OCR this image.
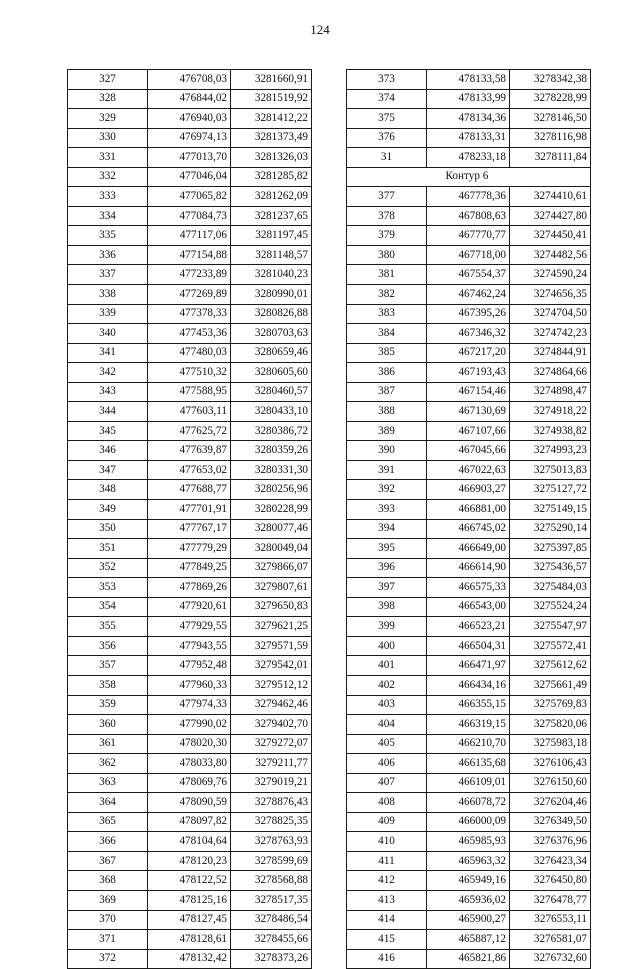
124
327	476708,03	3281660,91
328	476844,02	3281519,92
329	476940,03	3281412,22
330	476974,13	3281373,49
331	477013,70	3281326,03
332	477046,04	3281285,82
333	477065,82	3281262,09
334	477084,73	3281237,65
335	477117,06	3281197,45
336	477154,88	3281148,57
337	477233,89	3281040,23
338	477269,89	3280990,01
339	477378,33	3280826,88
340	477453,36	3280703,63
341	477480,03	3280659,46
342	477510,32	3280605,60
343	477588,95	3280460,57
344	477603,11	3280433,10
345	477625,72	3280386,72
346	477639,87	3280359,26
347	477653,02	3280331,30
348	477688,77	3280256,96
349	477701,91	3280228,99
350	477767,17	3280077,46
351	477779,29	3280049,04
352	477849,25	3279866,07
353	477869,26	3279807,61
354	477920,61	3279650,83
355	477929,55	3279621,25
356	477943,55	3279571,59
357	477952,48	3279542,01
358	477960,33	3279512,12
359	477974,33	3279462,46
360	477990,02	3279402,70
361	478020,30	3279272,07
362	478033,80	3279211,77
363	478069,76	3279019,21
364	478090,59	3278876,43
365	478097,82	3278825,35
366	478104,64	3278763,93
367	478120,23	3278599,69
368	478122,52	3278568,88
369	478125,16	3278517,35
370	478127,45	3278486,54
371	478128,61	3278455,66
372	478132,42	3278373,26
373	478133,58	3278342,38
374	478133,99	3278228,99
375	478134,36	3278146,50
376	478133,31	3278116,98
31	478233,18	3278111,84
	Контур 6	
377	467778,36	3274410,61
378	467808,63	3274427,80
379	467770,77	3274450,41
380	467718,00	3274482,56
381	467554,37	3274590,24
382	467462,24	3274656,35
383	467395,26	3274704,50
384	467346,32	3274742,23
385	467217,20	3274844,91
386	467193,43	3274864,66
387	467154,46	3274898,47
388	467130,69	3274918,22
389	467107,66	3274938,82
390	467045,66	3274993,23
391	467022,63	3275013,83
392	466903,27	3275127,72
393	466881,00	3275149,15
394	466745,02	3275290,14
395	466649,00	3275397,85
396	466614,90	3275436,57
397	466575,33	3275484,03
398	466543,00	3275524,24
399	466523,21	3275547,97
400	466504,31	3275572,41
401	466471,97	3275612,62
402	466434,16	3275661,49
403	466355,15	3275769,83
404	466319,15	3275820,06
405	466210,70	3275983,18
406	466135,68	3276106,43
407	466109,01	3276150,60
408	466078,72	3276204,46
409	466000,09	3276349,50
410	465985,93	3276376,96
411	465963,32	3276423,34
412	465949,16	3276450,80
413	465936,02	3276478,77
414	465900,27	3276553,11
415	465887,12	3276581,07
416	465821,86	3276732,60
